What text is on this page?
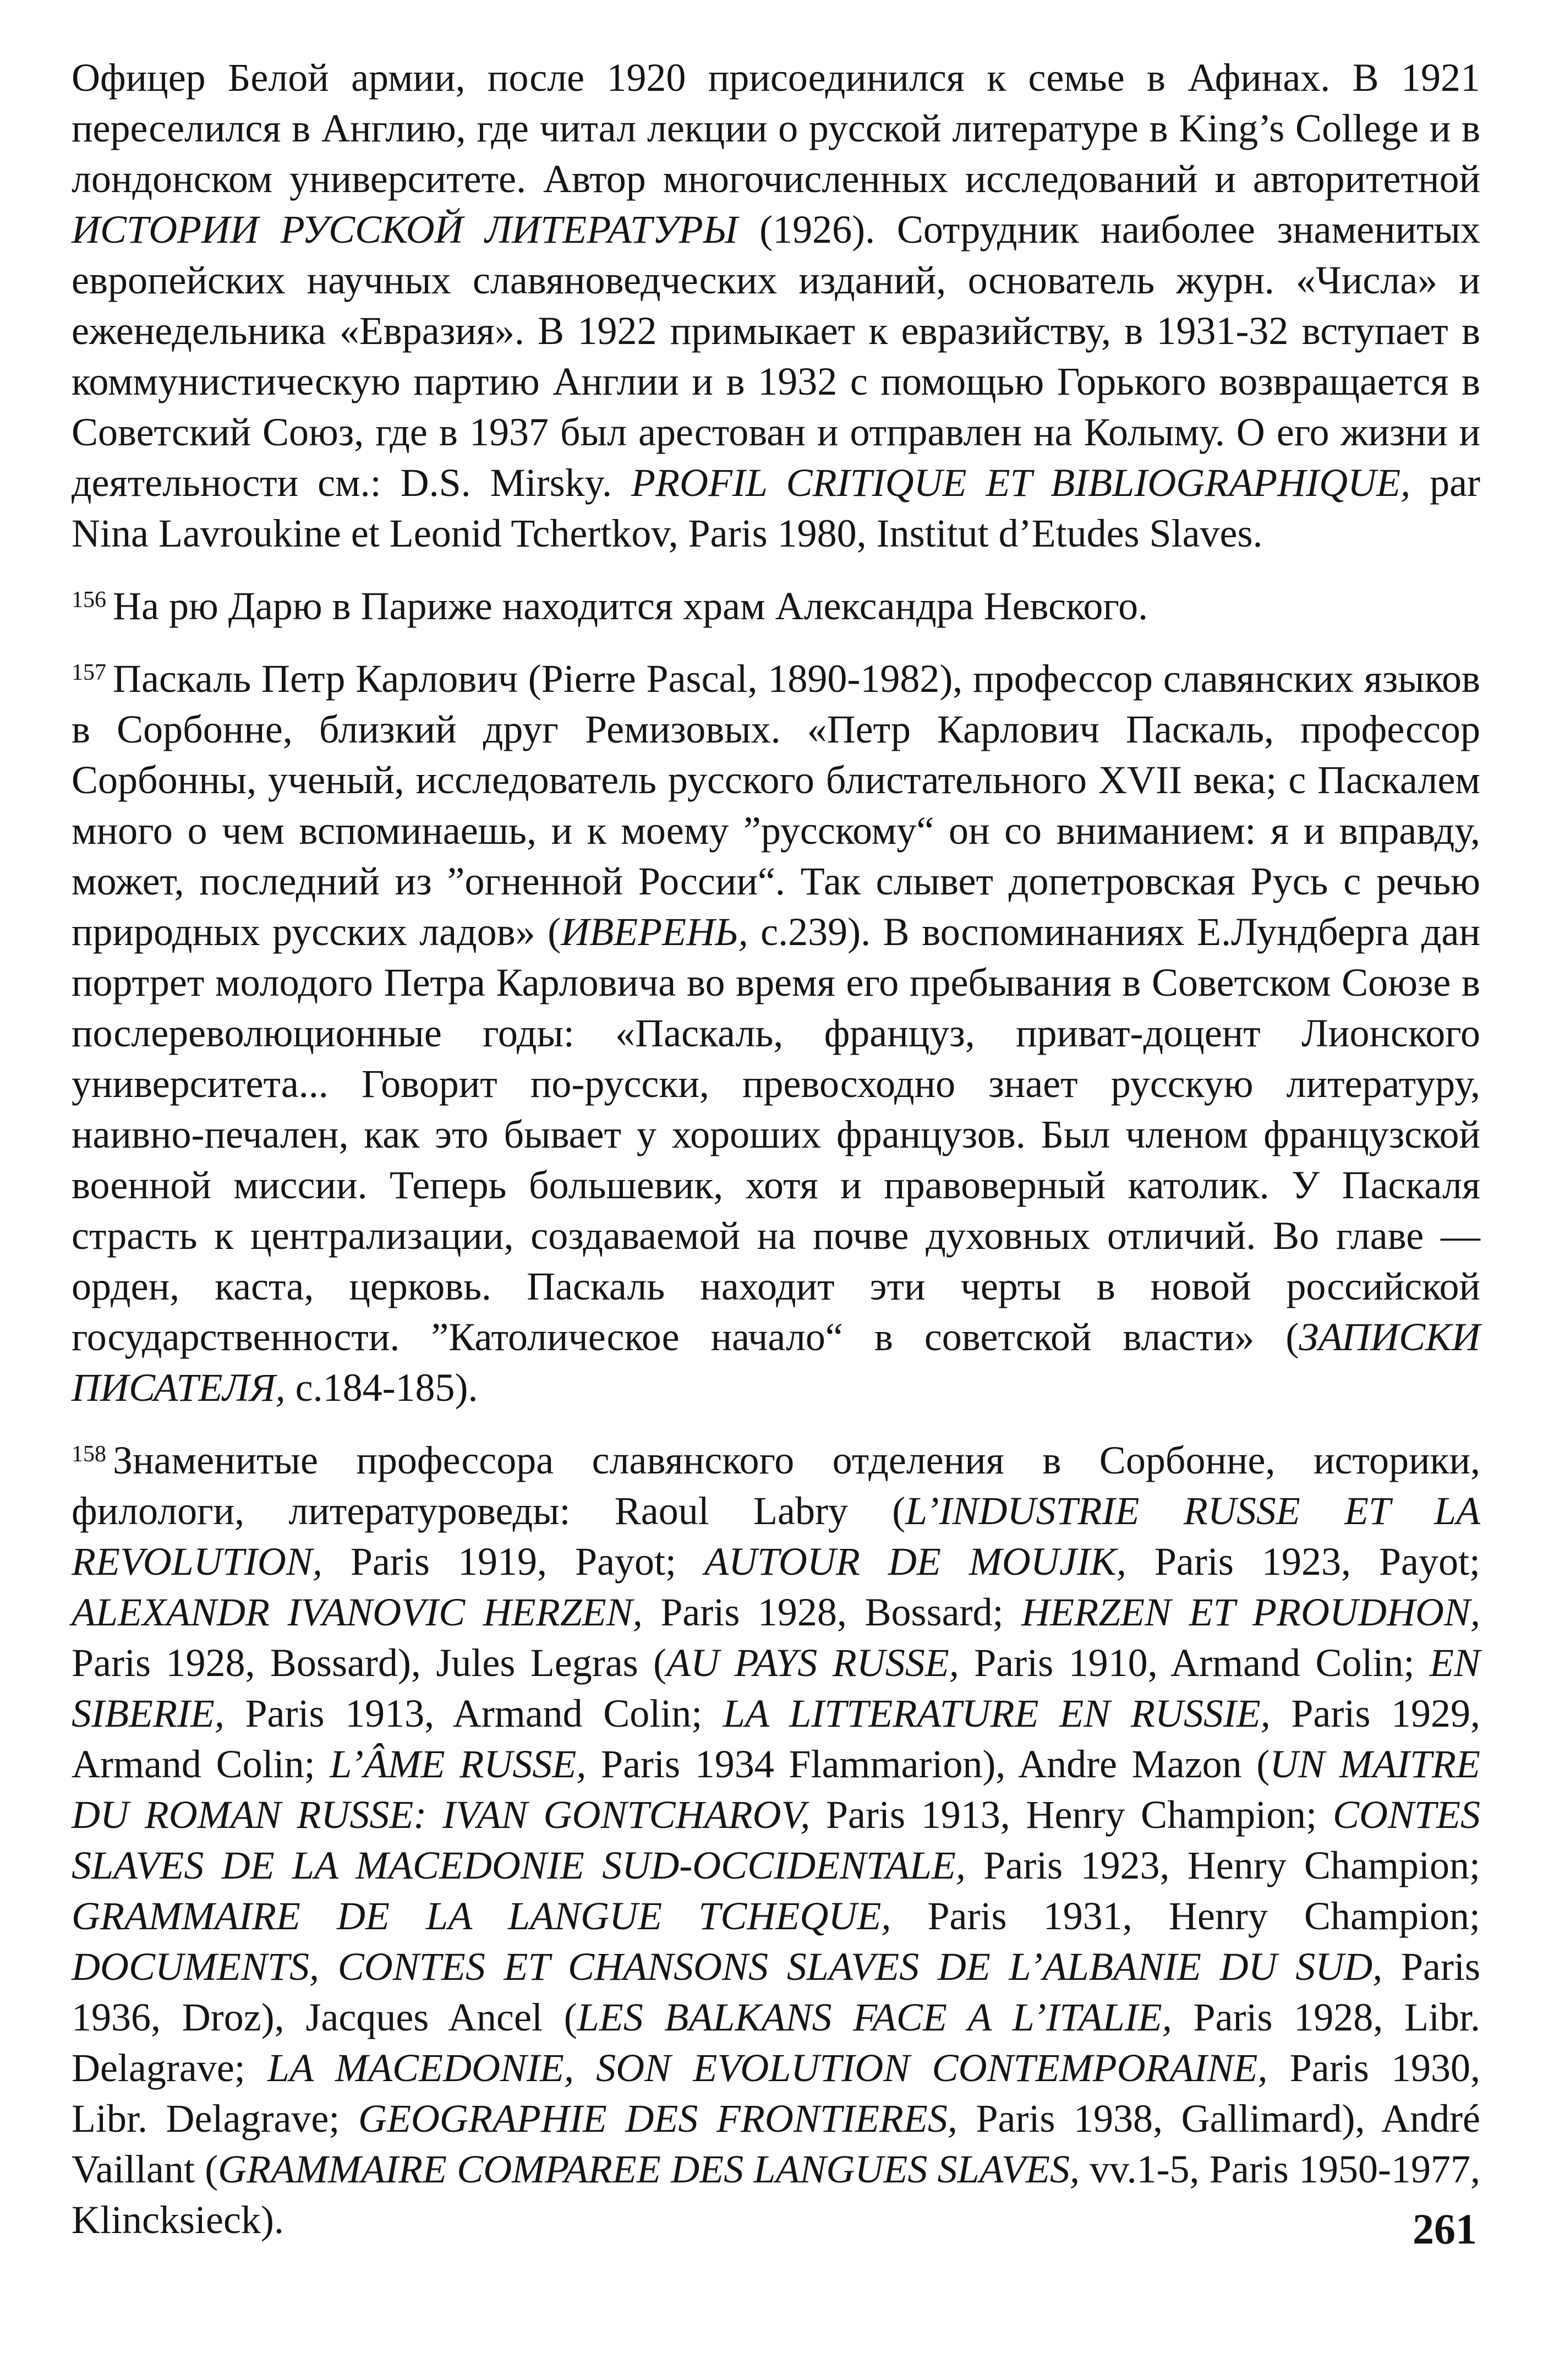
Офицер Белой армии, после 1920 присоединился к семье в Афинах. В 1921 переселился в Англию, где читал лекции о русской литературе в King’s College и в лондонском университете. Автор многочисленных исследований и авторитетной ИСТОРИИ РУССКОЙ ЛИТЕРАТУРЫ (1926). Сотрудник наиболее знаменитых европейских научных славяноведческих изданий, основатель журн. «Числа» и еженедельника «Евразия». В 1922 примыкает к евразийству, в 1931-32 вступает в коммунистическую партию Англии и в 1932 с помощью Горького возвращается в Советский Союз, где в 1937 был арестован и отправлен на Колыму. О его жизни и деятельности см.: D.S. Mirsky. PROFIL CRITIQUE ET BIBLIOGRAPHIQUE, par Nina Lavroukine et Leonid Tchertkov, Paris 1980, Institut d’Etudes Slaves.

$^{156}$ На рю Дарю в Париже находится храм Александра Невского.

$^{157}$ Паскаль Петр Карлович (Pierre Pascal, 1890-1982), профессор славянских языков в Сорбонне, близкий друг Ремизовых. «Петр Карлович Паскаль, профессор Сорбонны, ученый, исследователь русского блистательного XVII века; с Паскалем много о чем вспоминаешь, и к моему ”русскому“ он со вниманием: я и вправду, может, последний из ”огненной России“. Так слывет допетровская Русь с речью природных русских ладов» (ИВЕРЕНЬ, с.239). В воспоминаниях Е.Лундберга дан портрет молодого Петра Карловича во время его пребывания в Советском Союзе в послереволюционные годы: «Паскаль, француз, приват-доцент Лионского университета... Говорит по-русски, превосходно знает русскую литературу, наивно-печален, как это бывает у хороших французов. Был членом французской военной миссии. Теперь большевик, хотя и правоверный католик. У Паскаля страсть к централизации, создаваемой на почве духовных отличий. Во главе — орден, каста, церковь. Паскаль находит эти черты в новой российской государственности. ”Католическое начало“ в советской власти» (ЗАПИСКИ ПИСАТЕЛЯ, с.184-185).

$^{158}$ Знаменитые профессора славянского отделения в Сорбонне, историки, филологи, литературоведы: Raoul Labry (L’INDUSTRIE RUSSE ET LA REVOLUTION, Paris 1919, Payot; AUTOUR DE MOUJIK, Paris 1923, Payot; ALEXANDR IVANOVIC HERZEN, Paris 1928, Bossard; HERZEN ET PROUDHON, Paris 1928, Bossard), Jules Legras (AU PAYS RUSSE, Paris 1910, Armand Colin; EN SIBERIE, Paris 1913, Armand Colin; LA LITTERATURE EN RUSSIE, Paris 1929, Armand Colin; L’ÂME RUSSE, Paris 1934 Flammarion), Andre Mazon (UN MAITRE DU ROMAN RUSSE: IVAN GONTCHAROV, Paris 1913, Henry Champion; CONTES SLAVES DE LA MACEDONIE SUD-OCCIDENTALE, Paris 1923, Henry Champion; GRAMMAIRE DE LA LANGUE TCHEQUE, Paris 1931, Henry Champion; DOCUMENTS, CONTES ET CHANSONS SLAVES DE L’ALBANIE DU SUD, Paris 1936, Droz), Jacques Ancel (LES BALKANS FACE A L’ITALIE, Paris 1928, Libr. Delagrave; LA MACEDONIE, SON EVOLUTION CONTEMPORAINE, Paris 1930, Libr. Delagrave; GEOGRAPHIE DES FRONTIERES, Paris 1938, Gallimard), André Vaillant (GRAMMAIRE COMPAREE DES LANGUES SLAVES, vv.1-5, Paris 1950-1977, Klincksieck).	261
